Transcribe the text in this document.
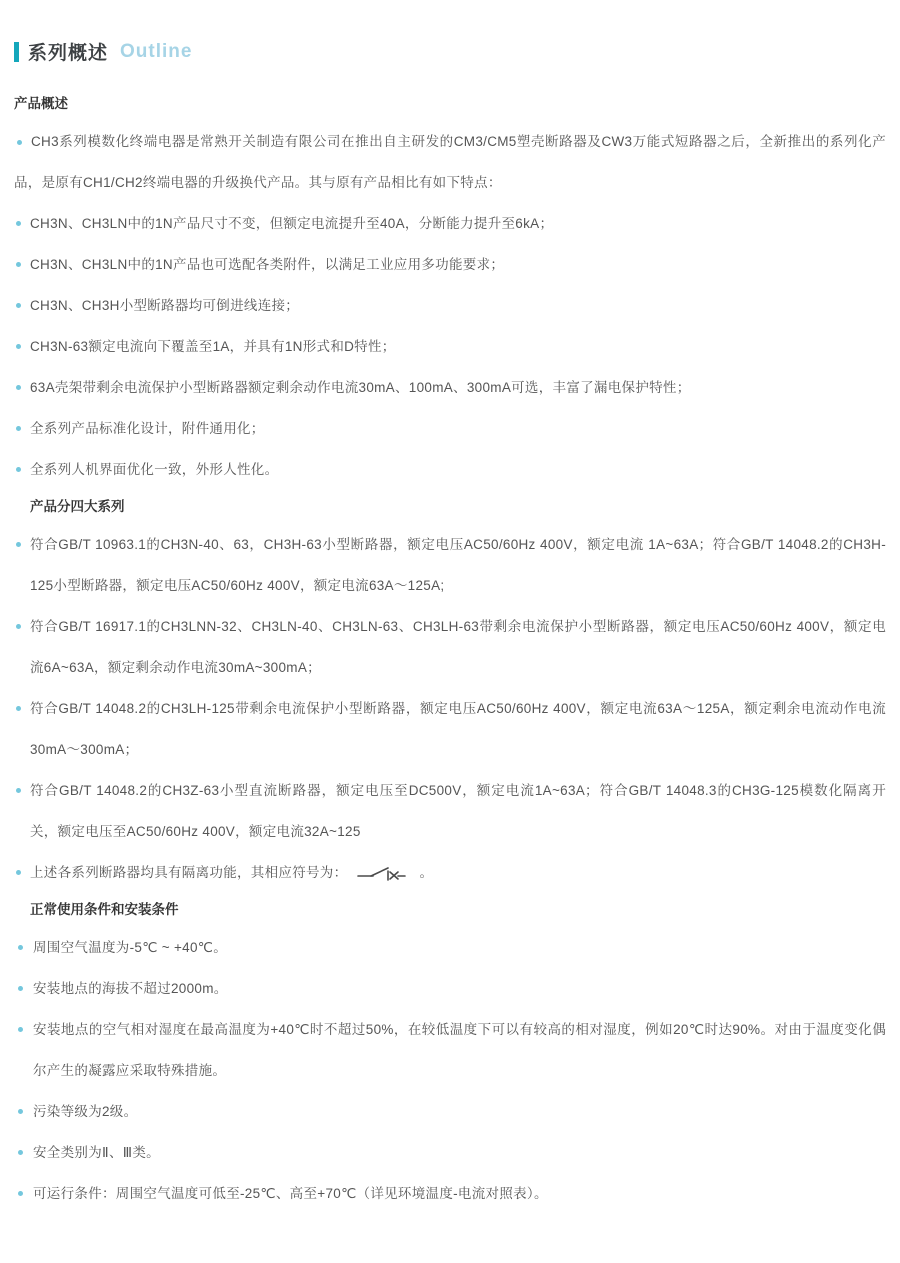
系列概述 Outline
产品概述

CH3系列模数化终端电器是常熟开关制造有限公司在推出自主研发的CM3/CM5塑壳断路器及CW3万能式短路器之后，全新推出的系列化产品，是原有CH1/CH2终端电器的升级换代产品。其与原有产品相比有如下特点：

CH3N、CH3LN中的1N产品尺寸不变，但额定电流提升至40A，分断能力提升至6kA；
CH3N、CH3LN中的1N产品也可选配各类附件，以满足工业应用多功能要求；
CH3N、CH3H小型断路器均可倒进线连接；
CH3N-63额定电流向下覆盖至1A，并具有1N形式和D特性；
63A壳架带剩余电流保护小型断路器额定剩余动作电流30mA、100mA、300mA可选，丰富了漏电保护特性；
全系列产品标准化设计，附件通用化；
全系列人机界面优化一致，外形人性化。
产品分四大系列
符合GB/T 10963.1的CH3N-40、63，CH3H-63小型断路器，额定电压AC50/60Hz 400V，额定电流 1A~63A；符合GB/T 14048.2的CH3H-125小型断路器，额定电压AC50/60Hz 400V，额定电流63A～125A;
符合GB/T 16917.1的CH3LNN-32、CH3LN-40、CH3LN-63、CH3LH-63带剩余电流保护小型断路器，额定电压AC50/60Hz 400V，额定电流6A~63A，额定剩余动作电流30mA~300mA；
符合GB/T 14048.2的CH3LH-125带剩余电流保护小型断路器，额定电压AC50/60Hz 400V，额定电流63A～125A，额定剩余电流动作电流30mA～300mA；
符合GB/T 14048.2的CH3Z-63小型直流断路器，额定电压至DC500V，额定电流1A~63A；符合GB/T 14048.3的CH3G-125模数化隔离开关，额定电压至AC50/60Hz 400V，额定电流32A~125
上述各系列断路器均具有隔离功能，其相应符号为：	。
正常使用条件和安装条件
周围空气温度为-5℃ ~ +40℃。
安装地点的海拔不超过2000m。
安装地点的空气相对湿度在最高温度为+40℃时不超过50%，在较低温度下可以有较高的相对湿度，例如20℃时达90%。对由于温度变化偶尔产生的凝露应采取特殊措施。
污染等级为2级。
安全类别为Ⅱ、Ⅲ类。
可运行条件：周围空气温度可低至-25℃、高至+70℃（详见环境温度-电流对照表）。
